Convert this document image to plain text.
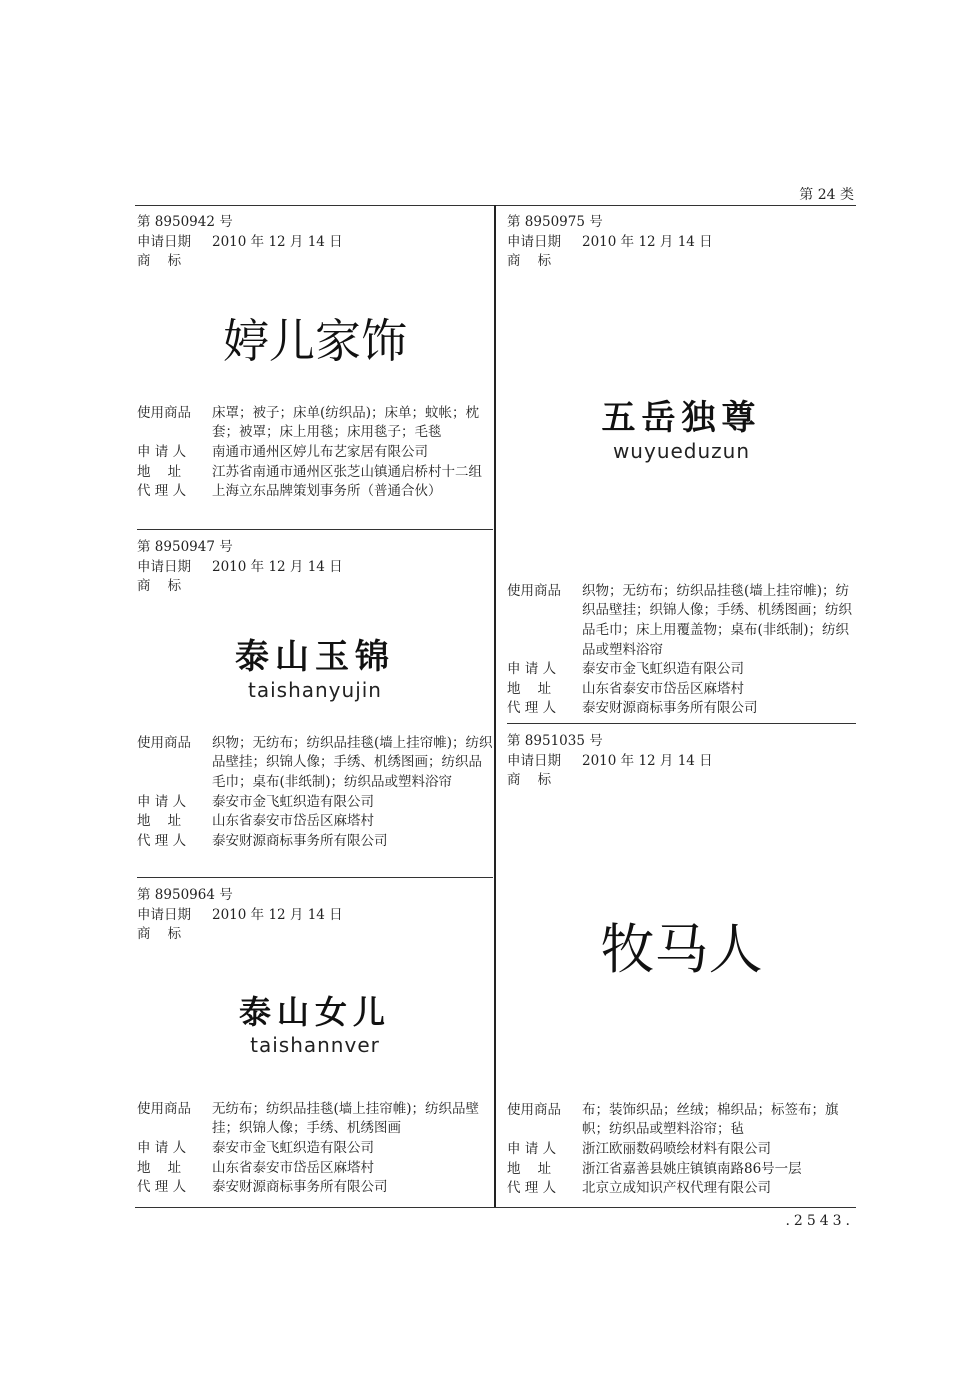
第 24 类
第 8950942 号
申请日期	2010 年 12 月 14 日
商    标
婷儿家饰
使用商品	床罩；被子；床单(纺织品)；床单；蚊帐；枕套；被罩；床上用毯；床用毯子；毛毯
申 请 人	南通市通州区婷儿布艺家居有限公司
地    址	江苏省南通市通州区张芝山镇通启桥村十二组
代 理 人	上海立东品牌策划事务所（普通合伙）
第 8950947 号
申请日期	2010 年 12 月 14 日
商    标
泰山玉锦
taishanyujin
使用商品	织物；无纺布；纺织品挂毯(墙上挂帘帷)；纺织品壁挂；织锦人像；手绣、机绣图画；纺织品毛巾；桌布(非纸制)；纺织品或塑料浴帘
申 请 人	泰安市金飞虹织造有限公司
地    址	山东省泰安市岱岳区麻塔村
代 理 人	泰安财源商标事务所有限公司
第 8950964 号
申请日期	2010 年 12 月 14 日
商    标
泰山女儿
taishannver
使用商品	无纺布；纺织品挂毯(墙上挂帘帷)；纺织品壁挂；织锦人像；手绣、机绣图画
申 请 人	泰安市金飞虹织造有限公司
地    址	山东省泰安市岱岳区麻塔村
代 理 人	泰安财源商标事务所有限公司
第 8950975 号
申请日期	2010 年 12 月 14 日
商    标
五岳独尊
wuyueduzun
使用商品	织物；无纺布；纺织品挂毯(墙上挂帘帷)；纺织品壁挂；织锦人像；手绣、机绣图画；纺织品毛巾；床上用覆盖物；桌布(非纸制)；纺织品或塑料浴帘
申 请 人	泰安市金飞虹织造有限公司
地    址	山东省泰安市岱岳区麻塔村
代 理 人	泰安财源商标事务所有限公司
第 8951035 号
申请日期	2010 年 12 月 14 日
商    标
牧马人
使用商品	布；装饰织品；丝绒；棉织品；标签布；旗帜；纺织品或塑料浴帘；毡
申 请 人	浙江欧丽数码喷绘材料有限公司
地    址	浙江省嘉善县姚庄镇镇南路86号一层
代 理 人	北京立成知识产权代理有限公司
.2543.
